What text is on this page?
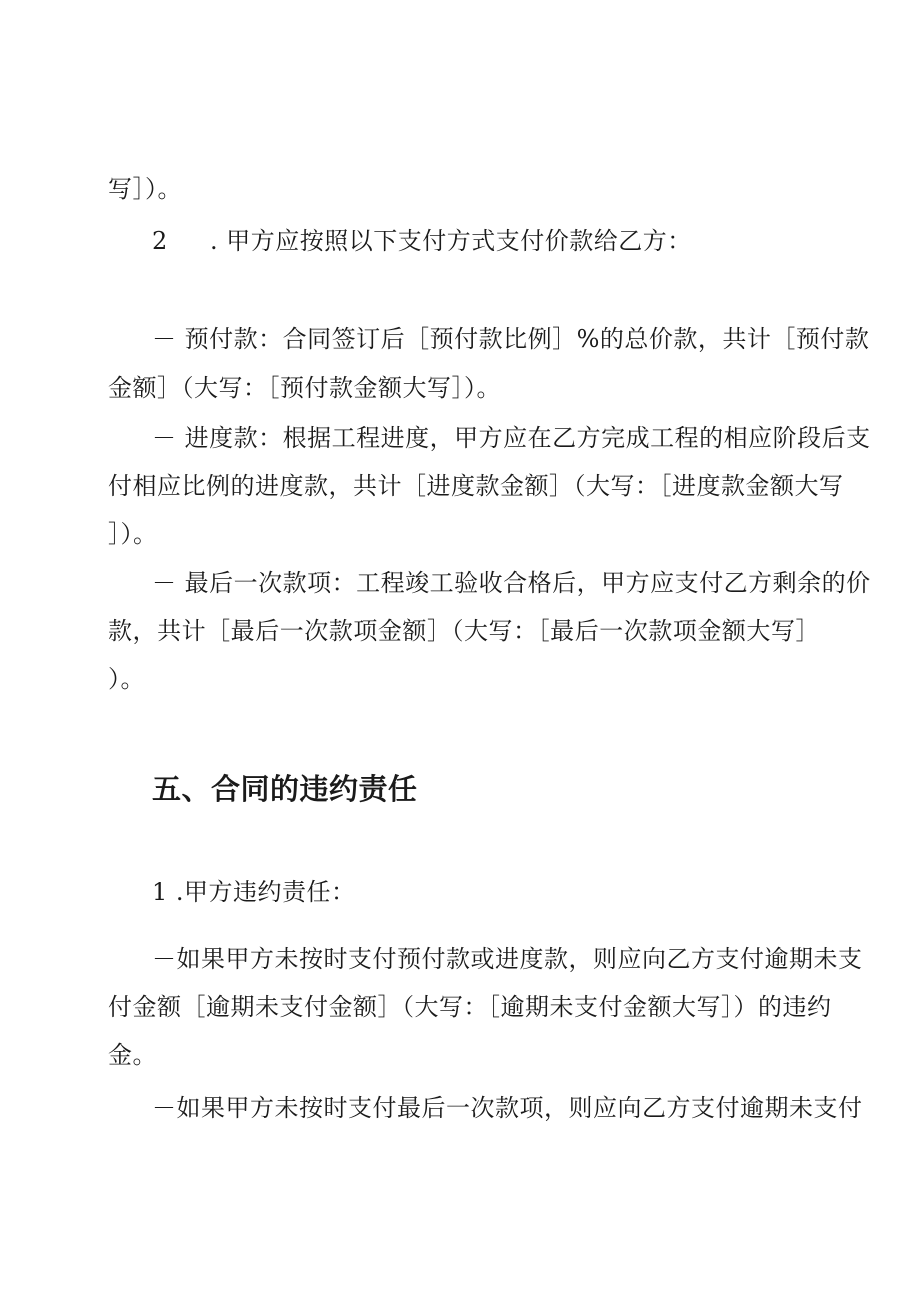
写］）。
2 . 甲方应按照以下支付方式支付价款给乙方：
－ 预付款：合同签订后［预付款比例］%的总价款，共计［预付款
金额］（大写：［预付款金额大写］）。
－ 进度款：根据工程进度，甲方应在乙方完成工程的相应阶段后支
付相应比例的进度款，共计［进度款金额］（大写：［进度款金额大写
］）。
－ 最后一次款项：工程竣工验收合格后，甲方应支付乙方剩余的价
款，共计［最后一次款项金额］（大写：［最后一次款项金额大写］
）。
五、合同的违约责任
1 .甲方违约责任：
－如果甲方未按时支付预付款或进度款，则应向乙方支付逾期未支
付金额［逾期未支付金额］（大写：［逾期未支付金额大写］）的违约
金。
－如果甲方未按时支付最后一次款项，则应向乙方支付逾期未支付
